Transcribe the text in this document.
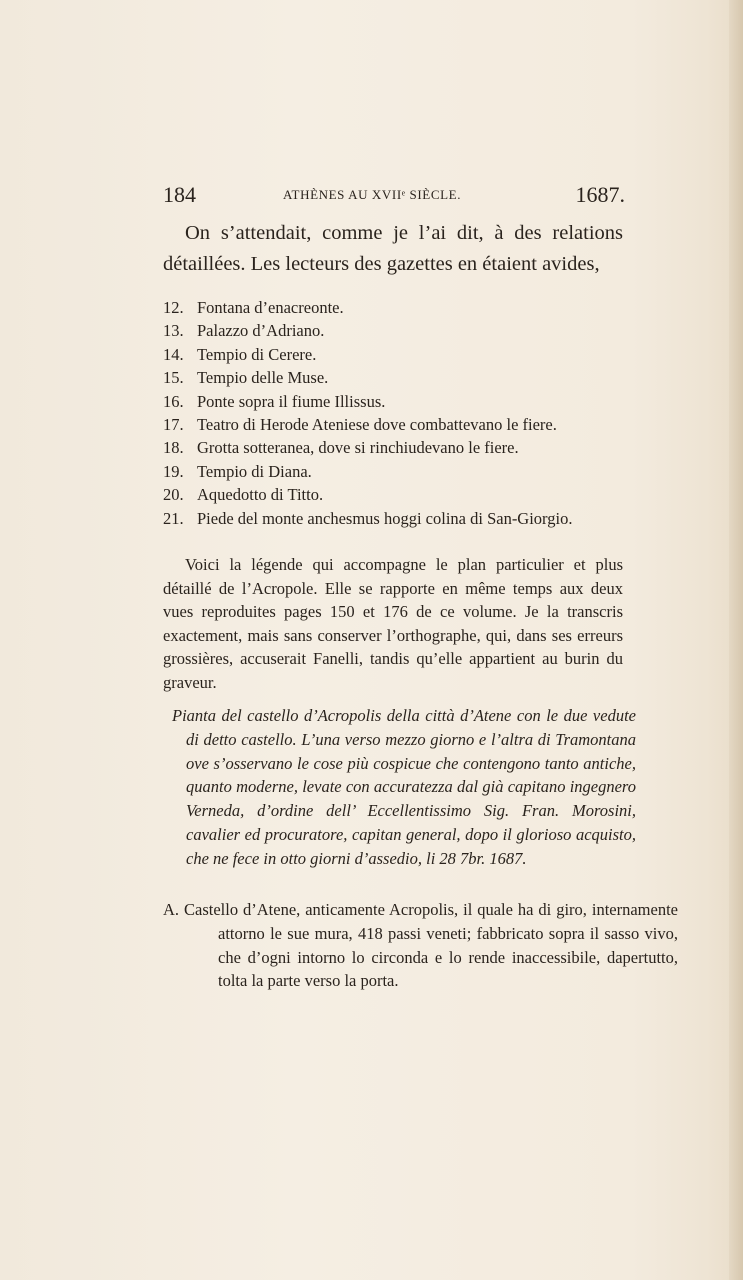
184	ATHÈNES AU XVIIᵉ SIÈCLE.	1687.

On s’attendait, comme je l’ai dit, à des relations détaillées. Les lecteurs des gazettes en étaient avides,

12. Fontana d’enacreonte.
13. Palazzo d’Adriano.
14. Tempio di Cerere.
15. Tempio delle Muse.
16. Ponte sopra il fiume Illissus.
17. Teatro di Herode Ateniese dove combattevano le fiere.
18. Grotta sotteranea, dove si rinchiudevano le fiere.
19. Tempio di Diana.
20. Aquedotto di Titto.
21. Piede del monte anchesmus hoggi colina di San-Giorgio.

Voici la légende qui accompagne le plan particulier et plus détaillé de l’Acropole. Elle se rapporte en même temps aux deux vues reproduites pages 150 et 176 de ce volume. Je la transcris exactement, mais sans conserver l’orthographe, qui, dans ses erreurs grossières, accuserait Fanelli, tandis qu’elle appartient au burin du graveur.

Pianta del castello d’Acropolis della città d’Atene con le due vedute di detto castello. L’una verso mezzo giorno e l’altra di Tramontana ove s’osservano le cose più cospicue che contengono tanto antiche, quanto moderne, levate con accuratezza dal già capitano ingegnero Verneda, d’ordine dell’ Eccellentissimo Sig. Fran. Morosini, cavalier ed procuratore, capitan general, dopo il glorioso acquisto, che ne fece in otto giorni d’assedio, li 28 7br. 1687.

A. Castello d’Atene, anticamente Acropolis, il quale ha di giro, internamente attorno le sue mura, 418 passi veneti; fabbricato sopra il sasso vivo, che d’ogni intorno lo circonda e lo rende inaccessibile, dapertutto, tolta la parte verso la porta.
